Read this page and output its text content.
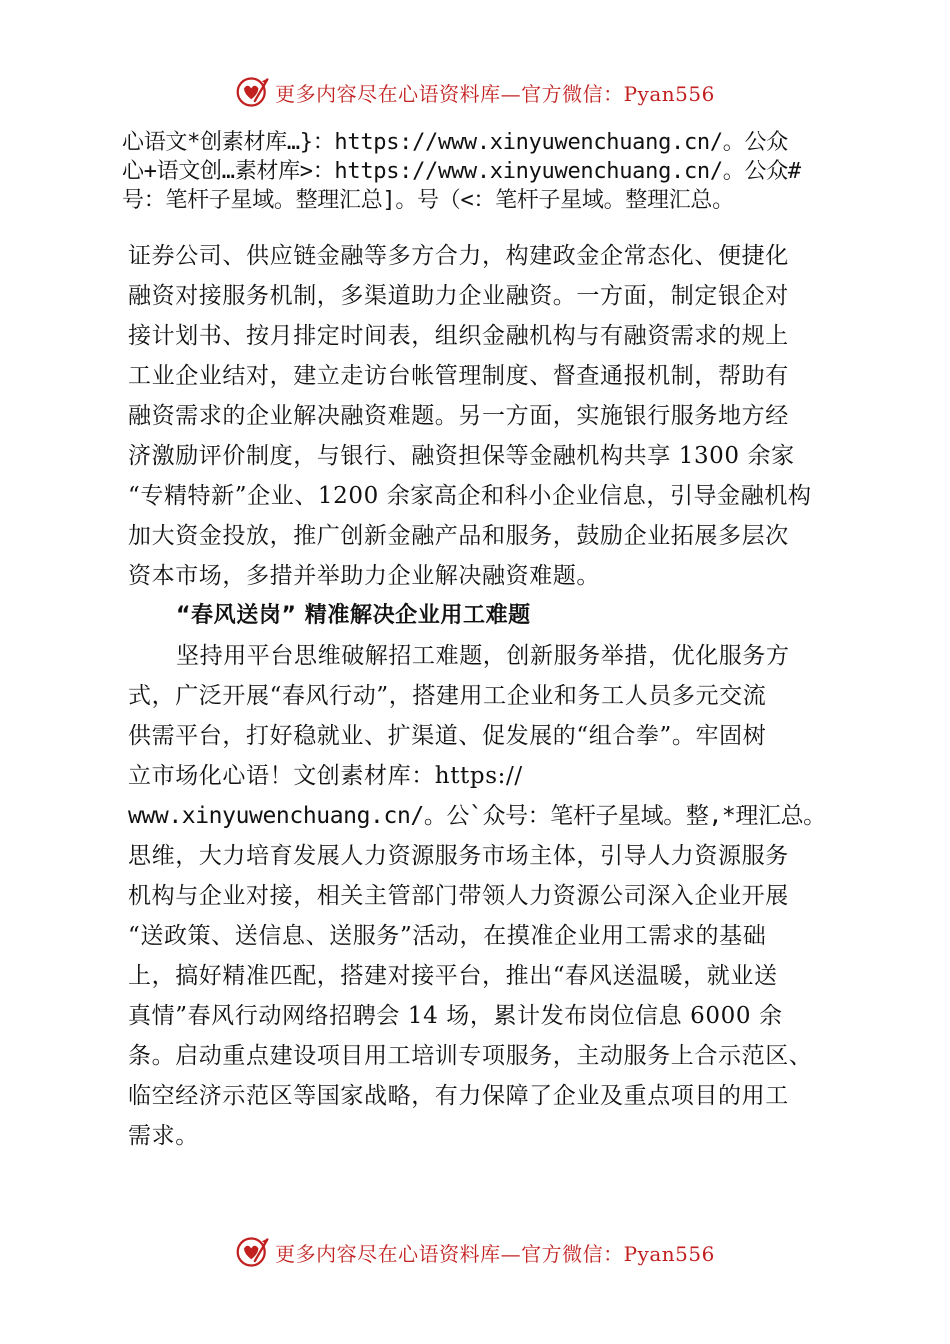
更多内容尽在心语资料库—官方微信：Pyan556
心语文*创素材库…}：https://www.xinyuwenchuang.cn/。公众
心+语文创…素材库>：https://www.xinyuwenchuang.cn/。公众#
号：笔杆子星域。整理汇总]。号（<：笔杆子星域。整理汇总。
证券公司、供应链金融等多方合力，构建政金企常态化、便捷化
融资对接服务机制，多渠道助力企业融资。一方面，制定银企对
接计划书、按月排定时间表，组织金融机构与有融资需求的规上
工业企业结对，建立走访台帐管理制度、督查通报机制，帮助有
融资需求的企业解决融资难题。另一方面，实施银行服务地方经
济激励评价制度，与银行、融资担保等金融机构共享 1300 余家
“专精特新”企业、1200 余家高企和科小企业信息，引导金融机构
加大资金投放，推广创新金融产品和服务，鼓励企业拓展多层次
资本市场，多措并举助力企业解决融资难题。
“春风送岗” 精准解决企业用工难题
坚持用平台思维破解招工难题，创新服务举措，优化服务方
式，广泛开展“春风行动”，搭建用工企业和务工人员多元交流
供需平台，打好稳就业、扩渠道、促发展的“组合拳”。牢固树
立市场化心语！文创素材库：https://
www.xinyuwenchuang.cn/。公`众号：笔杆子星域。整,*理汇总。
思维，大力培育发展人力资源服务市场主体，引导人力资源服务
机构与企业对接，相关主管部门带领人力资源公司深入企业开展
“送政策、送信息、送服务”活动，在摸准企业用工需求的基础
上，搞好精准匹配，搭建对接平台，推出“春风送温暖，就业送
真情”春风行动网络招聘会 14 场，累计发布岗位信息 6000 余
条。启动重点建设项目用工培训专项服务，主动服务上合示范区、
临空经济示范区等国家战略，有力保障了企业及重点项目的用工
需求。
更多内容尽在心语资料库—官方微信：Pyan556
